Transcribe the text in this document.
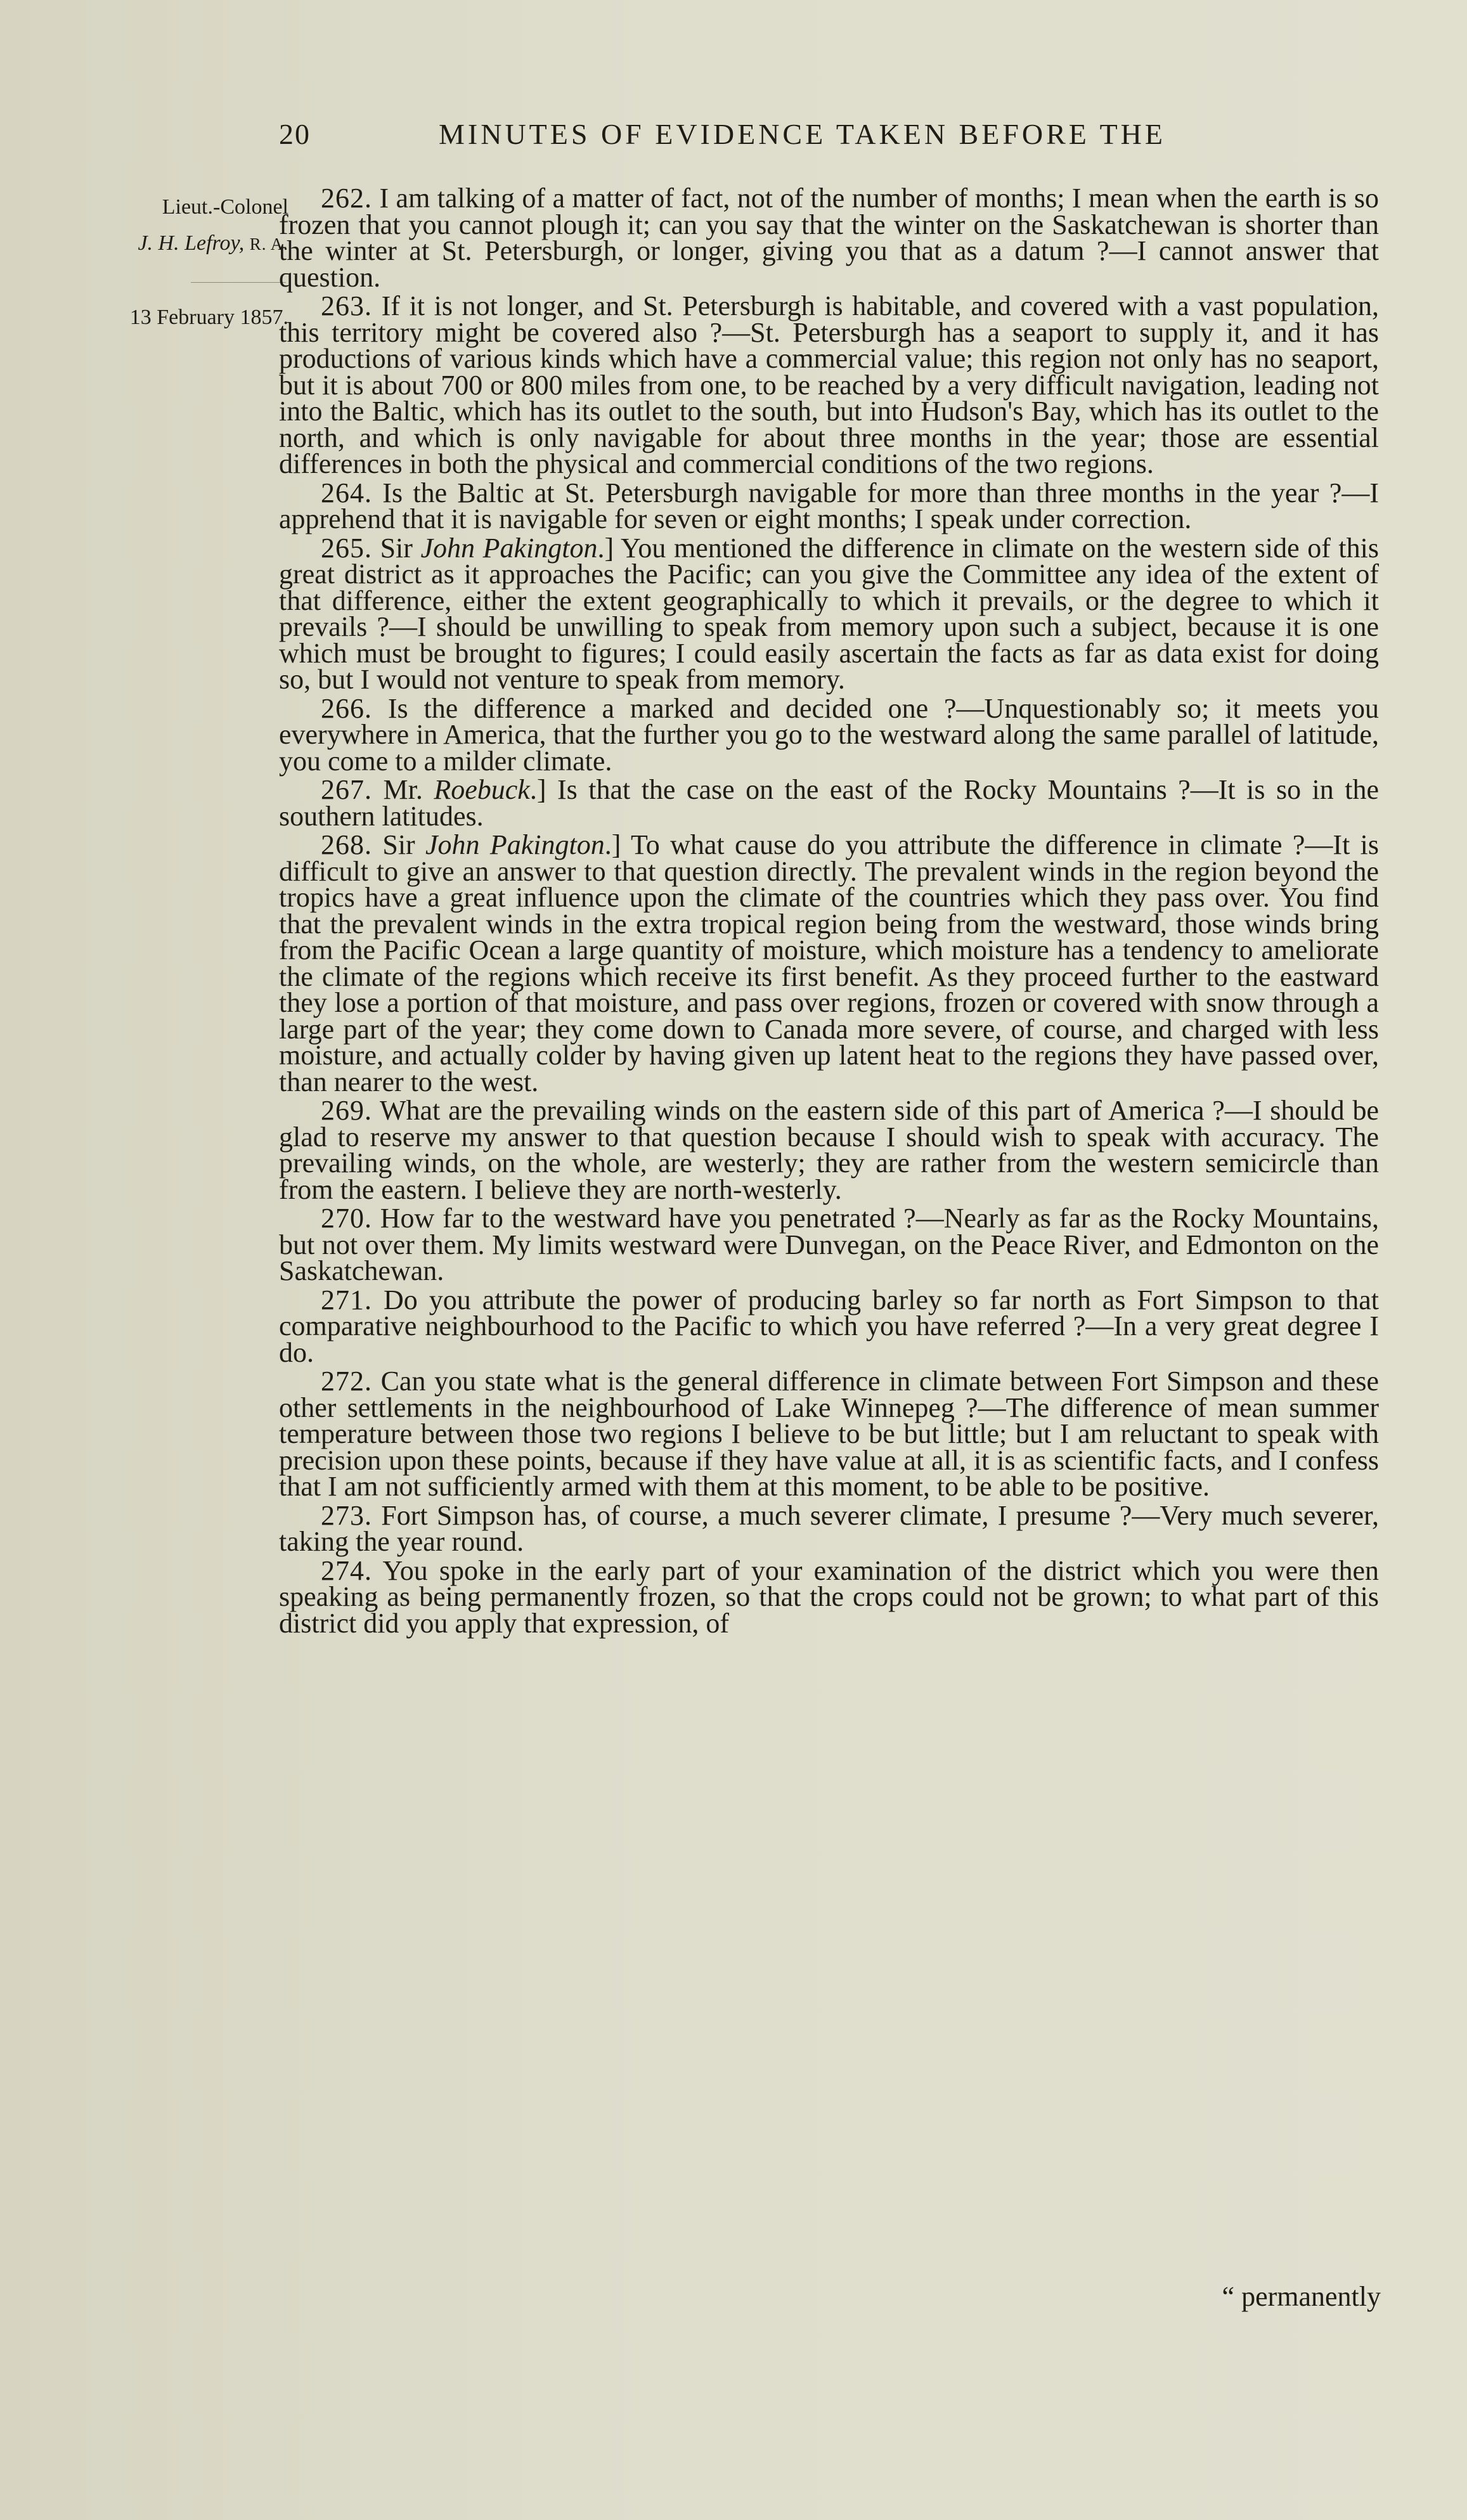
20	MINUTES OF EVIDENCE TAKEN BEFORE THE
Lieut.-Colonel
J. H. Lefroy, R. A.
13 February 1857.

262. I am talking of a matter of fact, not of the number of months; I mean when the earth is so frozen that you cannot plough it; can you say that the winter on the Saskatchewan is shorter than the winter at St. Petersburgh, or longer, giving you that as a datum ?—I cannot answer that question.

263. If it is not longer, and St. Petersburgh is habitable, and covered with a vast population, this territory might be covered also ?—St. Petersburgh has a seaport to supply it, and it has productions of various kinds which have a commercial value; this region not only has no seaport, but it is about 700 or 800 miles from one, to be reached by a very difficult navigation, leading not into the Baltic, which has its outlet to the south, but into Hudson's Bay, which has its outlet to the north, and which is only navigable for about three months in the year; those are essential differences in both the physical and commercial conditions of the two regions.

264. Is the Baltic at St. Petersburgh navigable for more than three months in the year ?—I apprehend that it is navigable for seven or eight months; I speak under correction.

265. Sir John Pakington.] You mentioned the difference in climate on the western side of this great district as it approaches the Pacific; can you give the Committee any idea of the extent of that difference, either the extent geographically to which it prevails, or the degree to which it prevails ?—I should be unwilling to speak from memory upon such a subject, because it is one which must be brought to figures; I could easily ascertain the facts as far as data exist for doing so, but I would not venture to speak from memory.

266. Is the difference a marked and decided one ?—Unquestionably so; it meets you everywhere in America, that the further you go to the westward along the same parallel of latitude, you come to a milder climate.

267. Mr. Roebuck.] Is that the case on the east of the Rocky Mountains ?—It is so in the southern latitudes.

268. Sir John Pakington.] To what cause do you attribute the difference in climate ?—It is difficult to give an answer to that question directly. The prevalent winds in the region beyond the tropics have a great influence upon the climate of the countries which they pass over. You find that the prevalent winds in the extra tropical region being from the westward, those winds bring from the Pacific Ocean a large quantity of moisture, which moisture has a tendency to ameliorate the climate of the regions which receive its first benefit. As they proceed further to the eastward they lose a portion of that moisture, and pass over regions, frozen or covered with snow through a large part of the year; they come down to Canada more severe, of course, and charged with less moisture, and actually colder by having given up latent heat to the regions they have passed over, than nearer to the west.

269. What are the prevailing winds on the eastern side of this part of America ?—I should be glad to reserve my answer to that question because I should wish to speak with accuracy. The prevailing winds, on the whole, are westerly; they are rather from the western semicircle than from the eastern. I believe they are north-westerly.

270. How far to the westward have you penetrated ?—Nearly as far as the Rocky Mountains, but not over them. My limits westward were Dunvegan, on the Peace River, and Edmonton on the Saskatchewan.

271. Do you attribute the power of producing barley so far north as Fort Simpson to that comparative neighbourhood to the Pacific to which you have referred ?—In a very great degree I do.

272. Can you state what is the general difference in climate between Fort Simpson and these other settlements in the neighbourhood of Lake Winnepeg ?—The difference of mean summer temperature between those two regions I believe to be but little; but I am reluctant to speak with precision upon these points, because if they have value at all, it is as scientific facts, and I confess that I am not sufficiently armed with them at this moment, to be able to be positive.

273. Fort Simpson has, of course, a much severer climate, I presume ?—Very much severer, taking the year round.

274. You spoke in the early part of your examination of the district which you were then speaking as being permanently frozen, so that the crops could not be grown; to what part of this district did you apply that expression, of

“ permanently
